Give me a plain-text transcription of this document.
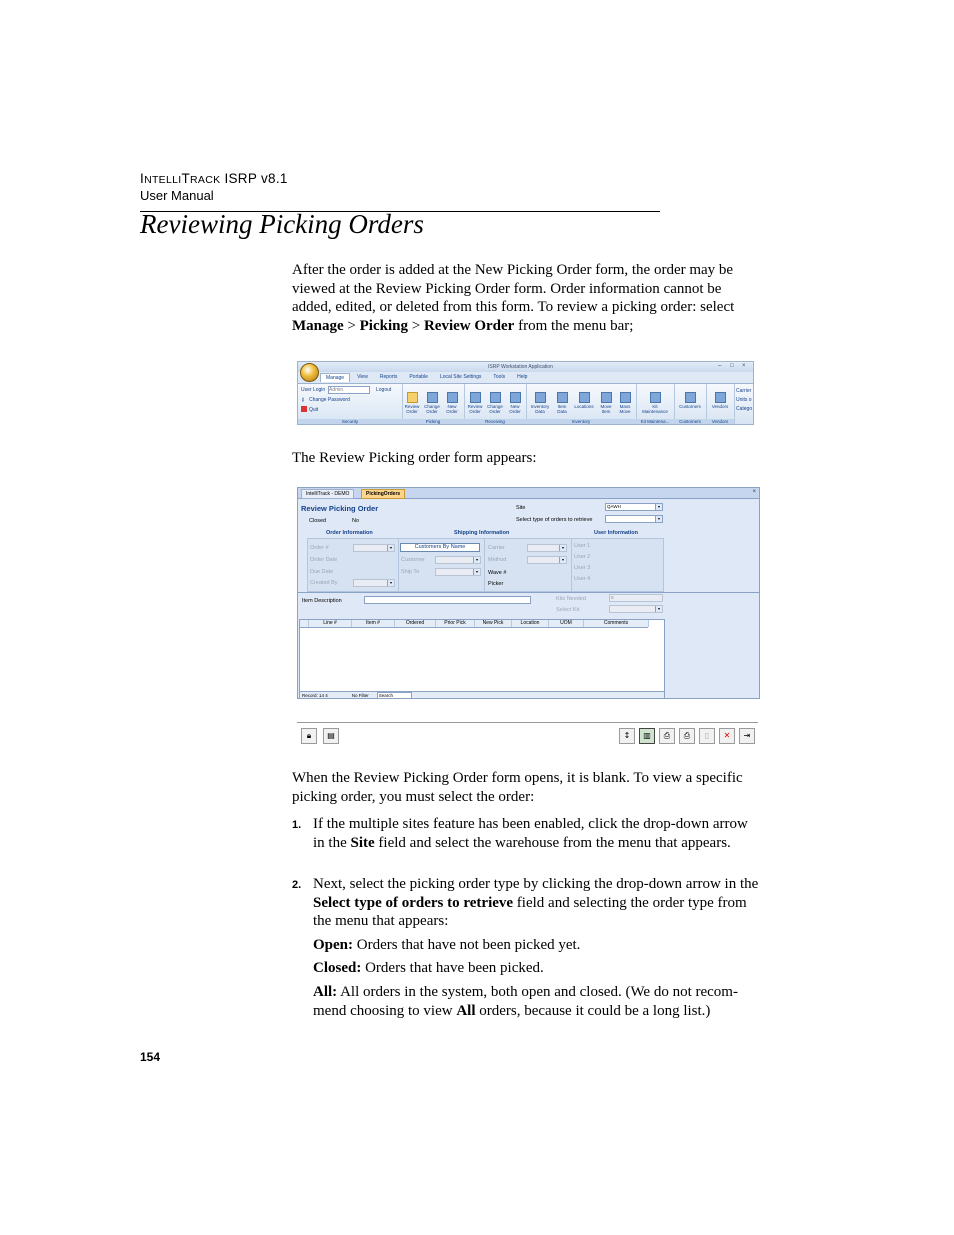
INTELLITRACK ISRP v8.1
User Manual
Reviewing Picking Orders
After the order is added at the New Picking Order form, the order may be viewed at the Review Picking Order form. Order information cannot be added, edited, or deleted from this form. To review a picking order: select Manage > Picking > Review Order from the menu bar;
ISRP Workstation Application	– □ ×
Manage	View	Reports	Portable	Local Site Settings	Tools	Help
User Login Admin	Logout
⚷ Change Password
Quit
Security
Review
Order
Change
Order
New
Order
Picking
Review
Order
Change
Order
New
Order
Receiving
Inventory
Data
Item
Data
Locations	Move
Item
Mass
Move
Inventory
Kit
Maintenance
Kit Maintena...
Customers
Customers
Vendors
Vendors
Carrier
Units o
Catego
The Review Picking order form appears:
IntelliTrack - DEMO	PickingOrders	×
Review Picking Order
Closed	No
Site	QAWH	▾
Select type of orders to retrieve	▾
Order Information	Shipping Information	User Information
Order #	▾
Order Date
Due Date
Created By	▾
Customer	▾
Ship To	▾
Customers By Name	Carrier	▾
Method	▾
Wave #
Picker
User 1
User 2
User 3
User 4
Item Description	Kits Needed	0
Select Kit	▾
Line #	Item #	Ordered	Prior Pick	New Pick	Location	UOM	Comments
Record: 14 4	No Filter Search
🔒︎	▤	↕	▥	⎙	⎙	▯	✕	⇥
When the Review Picking Order form opens, it is blank. To view a specific picking order, you must select the order:
1. If the multiple sites feature has been enabled, click the drop-down arrow in the Site field and select the warehouse from the menu that appears.
2. Next, select the picking order type by clicking the drop-down arrow in the Select type of orders to retrieve field and selecting the order type from the menu that appears:
Open: Orders that have not been picked yet.
Closed: Orders that have been picked.
All: All orders in the system, both open and closed. (We do not recom-mend choosing to view All orders, because it could be a long list.)
154
